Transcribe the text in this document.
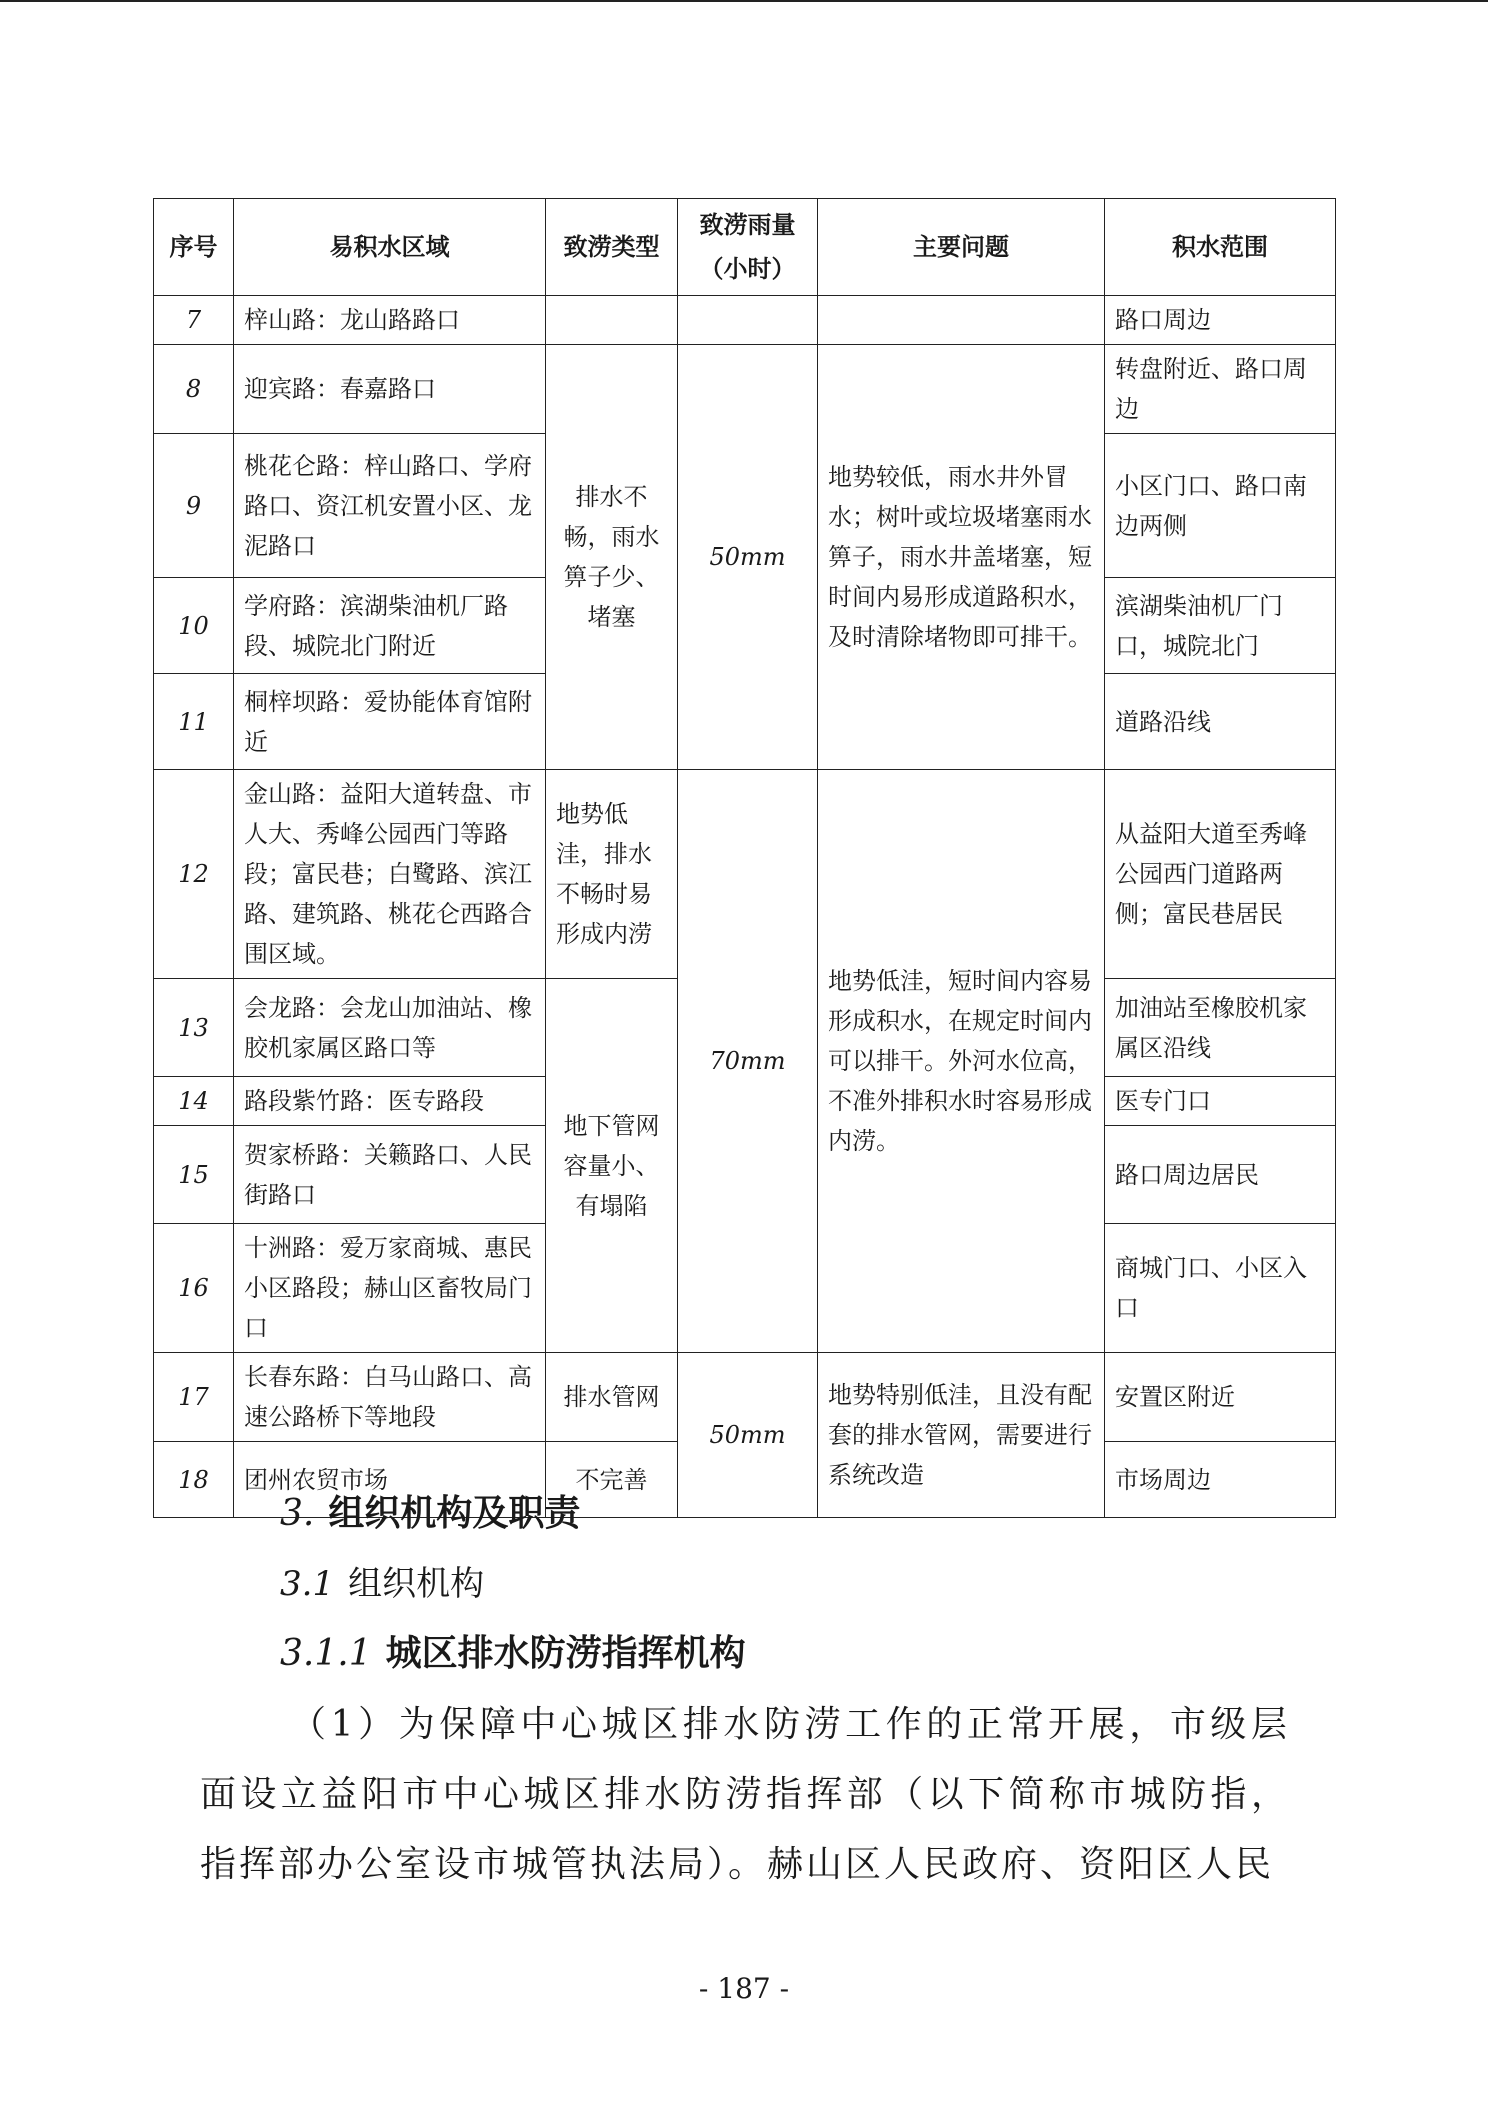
序号	易积水区域	致涝类型	致涝雨量（小时）	主要问题	积水范围
7	梓山路：龙山路路口				路口周边
8	迎宾路：春嘉路口	排水不畅，雨水箅子少、堵塞	50mm	地势较低，雨水井外冒水；树叶或垃圾堵塞雨水箅子，雨水井盖堵塞，短时间内易形成道路积水，及时清除堵物即可排干。	转盘附近、路口周边
9	桃花仑路：梓山路口、学府路口、资江机安置小区、龙泥路口				小区门口、路口南边两侧
10	学府路：滨湖柴油机厂路段、城院北门附近				滨湖柴油机厂门口，城院北门
11	桐梓坝路：爱协能体育馆附近				道路沿线
12	金山路：益阳大道转盘、市人大、秀峰公园西门等路段；富民巷；白鹭路、滨江路、建筑路、桃花仑西路合围区域。	地势低洼，排水不畅时易形成内涝	70mm	地势低洼，短时间内容易形成积水，在规定时间内可以排干。外河水位高，不准外排积水时容易形成内涝。	从益阳大道至秀峰公园西门道路两侧；富民巷居民
13	会龙路：会龙山加油站、橡胶机家属区路口等	地下管网容量小、有塌陷			加油站至橡胶机家属区沿线
14	路段紫竹路：医专路段				医专门口
15	贺家桥路：关籁路口、人民街路口				路口周边居民
16	十洲路：爱万家商城、惠民小区路段；赫山区畜牧局门口				商城门口、小区入口
17	长春东路：白马山路口、高速公路桥下等地段	排水管网	50mm	地势特别低洼，且没有配套的排水管网，需要进行系统改造	安置区附近
18	团州农贸市场	不完善			市场周边
3. 组织机构及职责
3.1 组织机构
3.1.1 城区排水防涝指挥机构
（1）为保障中心城区排水防涝工作的正常开展，市级层面设立益阳市中心城区排水防涝指挥部（以下简称市城防指，指挥部办公室设市城管执法局）。赫山区人民政府、资阳区人民
- 187 -
